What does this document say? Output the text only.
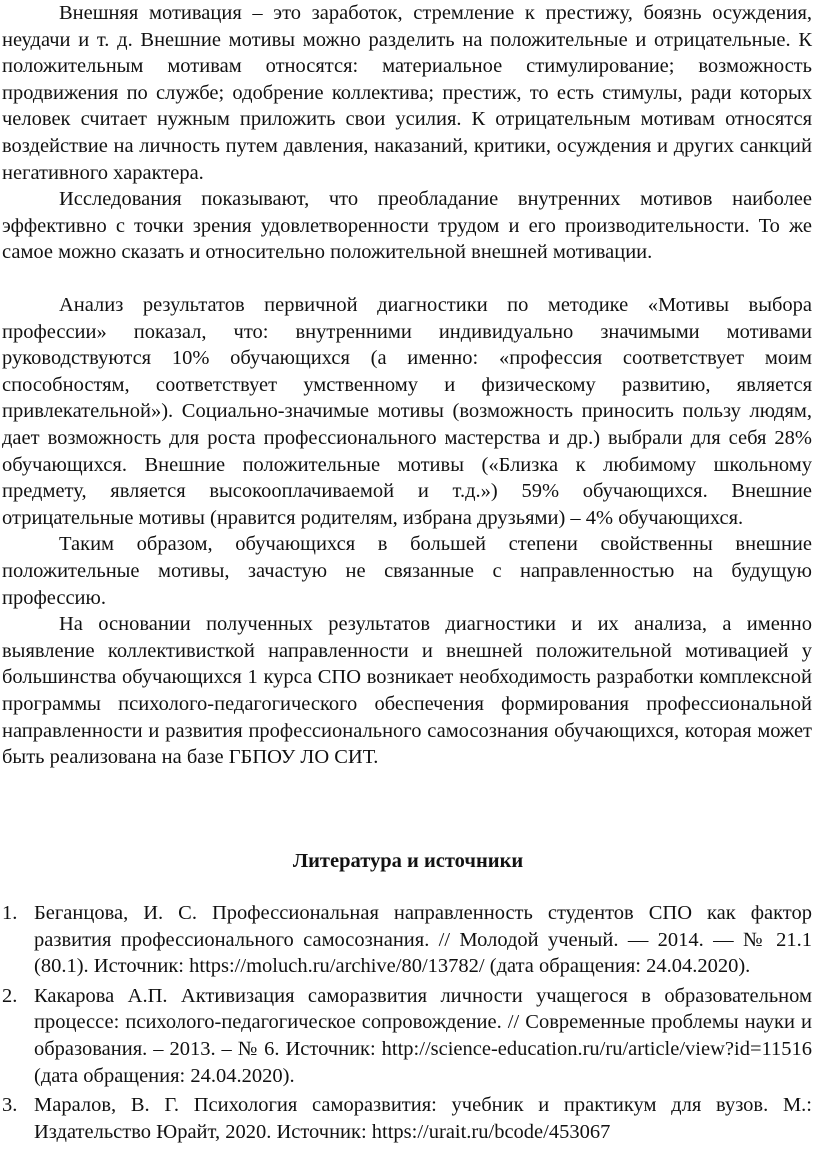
Внешняя мотивация – это заработок, стремление к престижу, боязнь осуждения, неудачи и т. д. Внешние мотивы можно разделить на положительные и отрицательные. К положительным мотивам относятся: материальное стимулирование; возможность продвижения по службе; одобрение коллектива; престиж, то есть стимулы, ради которых человек считает нужным приложить свои усилия. К отрицательным мотивам относятся воздействие на личность путем давления, наказаний, критики, осуждения и других санкций негативного характера.

Исследования показывают, что преобладание внутренних мотивов наиболее эффективно с точки зрения удовлетворенности трудом и его производительности. То же самое можно сказать и относительно положительной внешней мотивации.

Анализ результатов первичной диагностики по методике «Мотивы выбора профессии» показал, что: внутренними индивидуально значимыми мотивами руководствуются 10% обучающихся (а именно: «профессия соответствует моим способностям, соответствует умственному и физическому развитию, является привлекательной»). Социально-значимые мотивы (возможность приносить пользу людям, дает возможность для роста профессионального мастерства и др.) выбрали для себя 28% обучающихся. Внешние положительные мотивы («Близка к любимому школьному предмету, является высокооплачиваемой и т.д.») 59% обучающихся. Внешние отрицательные мотивы (нравится родителям, избрана друзьями) – 4% обучающихся.

Таким образом, обучающихся в большей степени свойственны внешние положительные мотивы, зачастую не связанные с направленностью на будущую профессию.

На основании полученных результатов диагностики и их анализа, а именно выявление коллективисткой направленности и внешней положительной мотивацией у большинства обучающихся 1 курса СПО возникает необходимость разработки комплексной программы психолого-педагогического обеспечения формирования профессиональной направленности и развития профессионального самосознания обучающихся, которая может быть реализована на базе ГБПОУ ЛО СИТ.

Литература и источники
1. Беганцова, И. С. Профессиональная направленность студентов СПО как фактор развития профессионального самосознания. // Молодой ученый. — 2014. — № 21.1 (80.1). Источник: https://moluch.ru/archive/80/13782/ (дата обращения: 24.04.2020).
2. Какарова А.П. Активизация саморазвития личности учащегося в образовательном процессе: психолого-педагогическое сопровождение. // Современные проблемы науки и образования. – 2013. – № 6. Источник: http://science-education.ru/ru/article/view?id=11516 (дата обращения: 24.04.2020).
3. Маралов, В. Г. Психология саморазвития: учебник и практикум для вузов. М.: Издательство Юрайт, 2020. Источник: https://urait.ru/bcode/453067
